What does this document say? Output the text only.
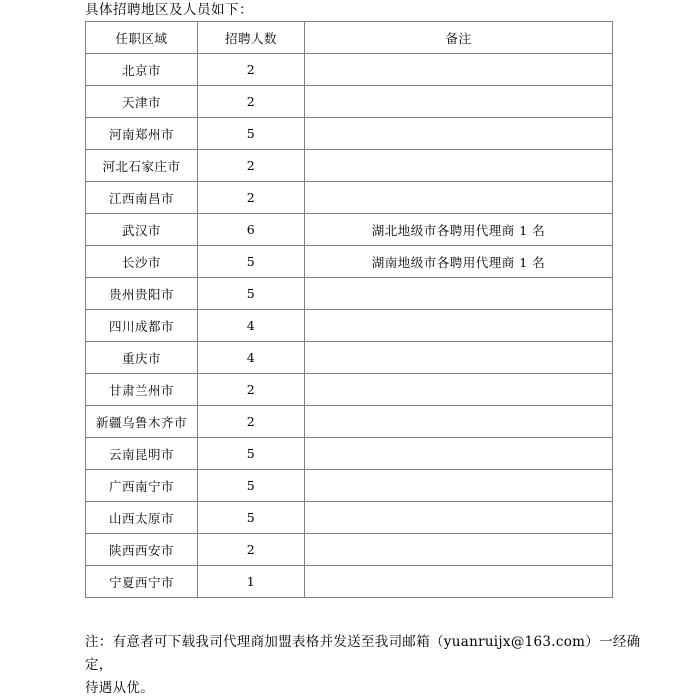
具体招聘地区及人员如下：
任职区域	招聘人数	备注
北京市	2	
天津市	2	
河南郑州市	5	
河北石家庄市	2	
江西南昌市	2	
武汉市	6	湖北地级市各聘用代理商 1 名
长沙市	5	湖南地级市各聘用代理商 1 名
贵州贵阳市	5	
四川成都市	4	
重庆市	4	
甘肃兰州市	2	
新疆乌鲁木齐市	2	
云南昆明市	5	
广西南宁市	5	
山西太原市	5	
陕西西安市	2	
宁夏西宁市	1	
注：有意者可下载我司代理商加盟表格并发送至我司邮箱（yuanruijx@163.com）一经确定，
待遇从优。
